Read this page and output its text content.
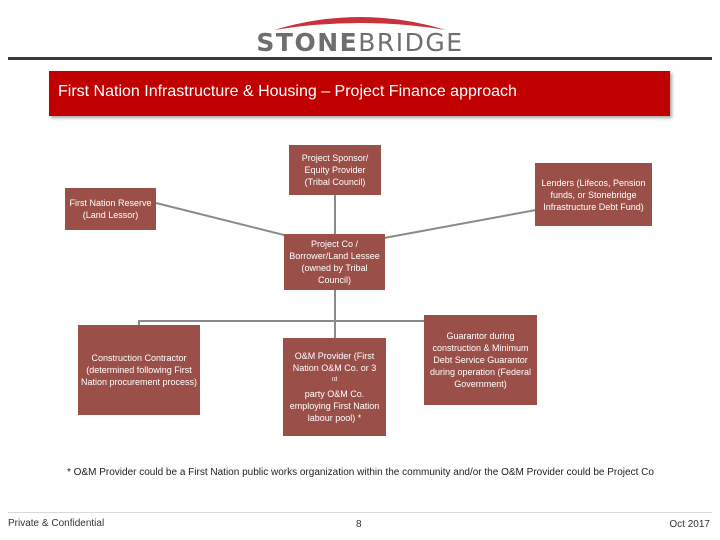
STONEBRIDGE
First Nation Infrastructure & Housing – Project Finance approach
Project Sponsor/ Equity Provider (Tribal Council)
First Nation Reserve (Land Lessor)
Lenders (Lifecos, Pension funds, or Stonebridge Infrastructure Debt Fund)
Project Co / Borrower/Land Lessee (owned by Tribal Council)
Construction Contractor (determined following First Nation procurement process)
O&M Provider (First Nation O&M Co. or 3
$^{rd}$
party O&M Co. employing First Nation labour pool) *
Guarantor during construction & Minimum Debt Service Guarantor during operation (Federal Government)
* O&M Provider could be a First Nation public works organization within the community and/or the O&M Provider could be Project Co
Private & Confidential	8	Oct 2017
